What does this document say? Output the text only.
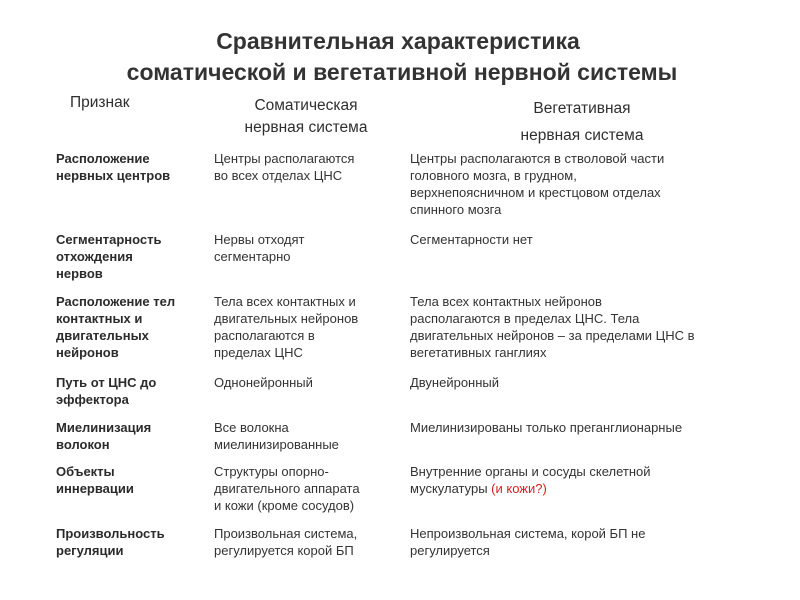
Сравнительная характеристика
соматической и вегетативной нервной системы
Признак	Соматическая
нервная система
Вегетативная
нервная система
Расположение
нервных центров
Центры располагаются
во всех отделах ЦНС
Центры располагаются в стволовой части
головного мозга, в грудном,
верхнепоясничном и крестцовом отделах
спинного мозга
Сегментарность
отхождения
нервов
Нервы отходят
сегментарно
Сегментарности нет
Расположение тел
контактных и
двигательных
нейронов
Тела всех контактных и
двигательных нейронов
располагаются в
пределах ЦНС
Тела всех контактных нейронов
располагаются в пределах ЦНС. Тела
двигательных нейронов – за пределами ЦНС в
вегетативных ганглиях
Путь от ЦНС до
эффектора
Однонейронный	Двунейронный
Миелинизация
волокон
Все волокна
миелинизированные
Миелинизированы только преганглионарные
Объекты
иннервации
Структуры опорно-
двигательного аппарата
и кожи (кроме сосудов)
Внутренние органы и сосуды скелетной
мускулатуры (и кожи?)
Произвольность
регуляции
Произвольная система,
регулируется корой БП
Непроизвольная система, корой БП не
регулируется
